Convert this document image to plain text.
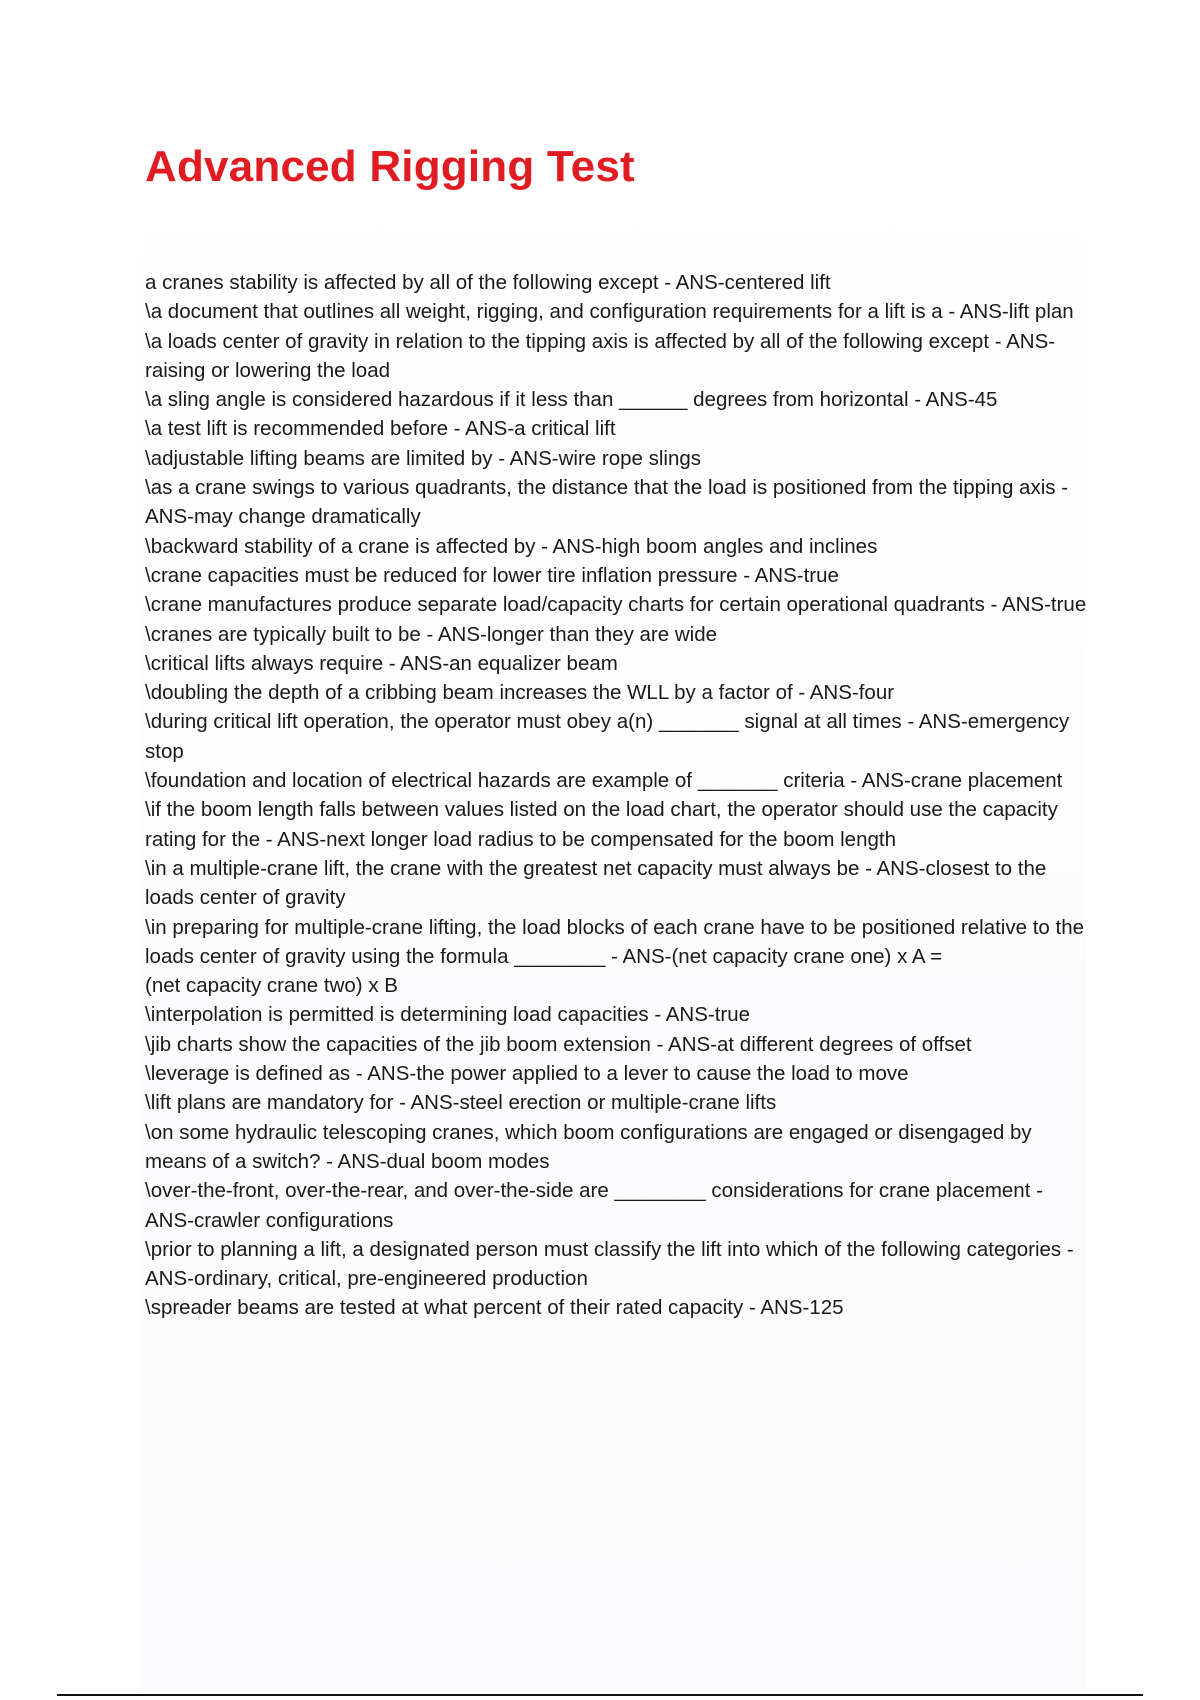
Advanced Rigging Test
a cranes stability is affected by all of the following except - ANS-centered lift
\a document that outlines all weight, rigging, and configuration requirements for a lift is a - ANS-lift plan
\a loads center of gravity in relation to the tipping axis is affected by all of the following except - ANS-raising or lowering the load
\a sling angle is considered hazardous if it less than ______ degrees from horizontal - ANS-45
\a test lift is recommended before - ANS-a critical lift
\adjustable lifting beams are limited by - ANS-wire rope slings
\as a crane swings to various quadrants, the distance that the load is positioned from the tipping axis - ANS-may change dramatically
\backward stability of a crane is affected by - ANS-high boom angles and inclines
\crane capacities must be reduced for lower tire inflation pressure - ANS-true
\crane manufactures produce separate load/capacity charts for certain operational quadrants - ANS-true
\cranes are typically built to be - ANS-longer than they are wide
\critical lifts always require - ANS-an equalizer beam
\doubling the depth of a cribbing beam increases the WLL by a factor of - ANS-four
\during critical lift operation, the operator must obey a(n) _______ signal at all times - ANS-emergency stop
\foundation and location of electrical hazards are example of _______ criteria - ANS-crane placement
\if the boom length falls between values listed on the load chart, the operator should use the capacity rating for the - ANS-next longer load radius to be compensated for the boom length
\in a multiple-crane lift, the crane with the greatest net capacity must always be - ANS-closest to the loads center of gravity
\in preparing for multiple-crane lifting, the load blocks of each crane have to be positioned relative to the loads center of gravity using the formula ________ - ANS-(net capacity crane one) x A =
(net capacity crane two) x B
\interpolation is permitted is determining load capacities - ANS-true
\jib charts show the capacities of the jib boom extension - ANS-at different degrees of offset
\leverage is defined as - ANS-the power applied to a lever to cause the load to move
\lift plans are mandatory for - ANS-steel erection or multiple-crane lifts
\on some hydraulic telescoping cranes, which boom configurations are engaged or disengaged by means of a switch? - ANS-dual boom modes
\over-the-front, over-the-rear, and over-the-side are ________ considerations for crane placement - ANS-crawler configurations
\prior to planning a lift, a designated person must classify the lift into which of the following categories - ANS-ordinary, critical, pre-engineered production
\spreader beams are tested at what percent of their rated capacity - ANS-125
